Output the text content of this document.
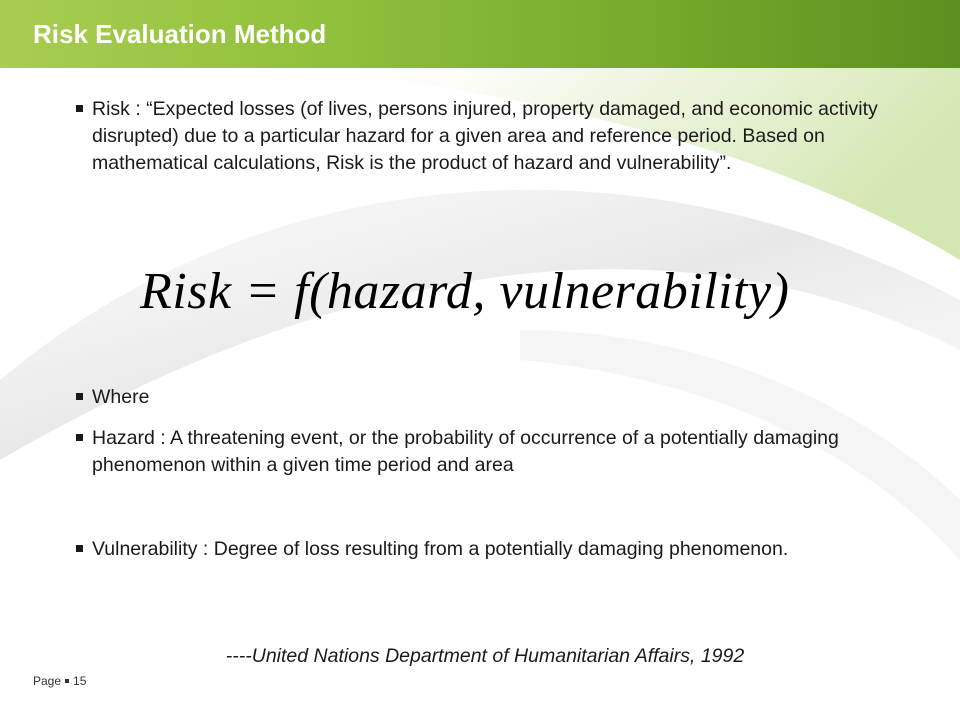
Risk Evaluation Method
Risk : “Expected losses (of lives, persons injured, property damaged, and economic activity disrupted) due to a particular hazard for a given area and reference period. Based on mathematical calculations, Risk is the product of hazard and vulnerability”.
Risk = f(hazard, vulnerability)
Where
Hazard : A threatening event, or the probability of occurrence of a potentially damaging phenomenon within a given time period and area
Vulnerability : Degree of loss resulting from a potentially damaging phenomenon.
----United Nations Department of Humanitarian Affairs, 1992
Page 15
